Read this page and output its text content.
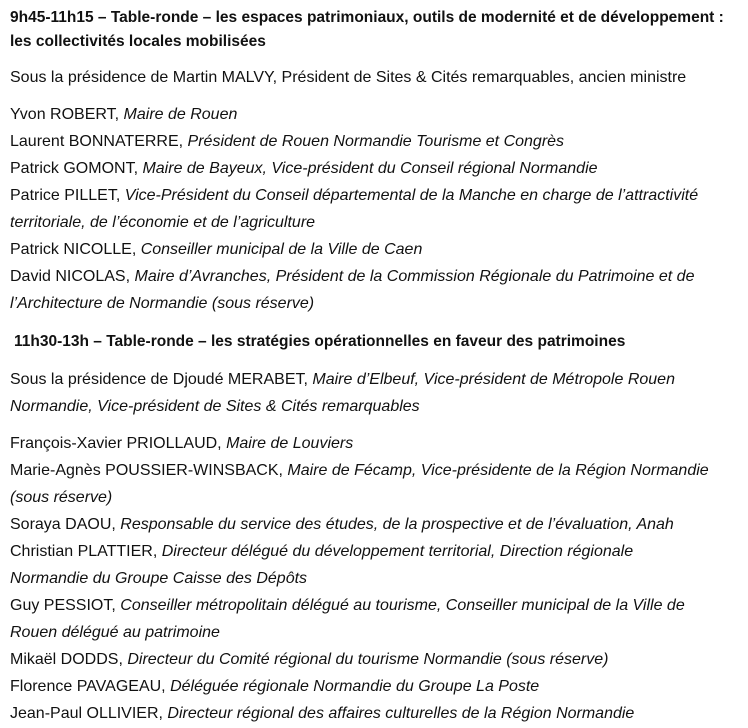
9h45-11h15 – Table-ronde – les espaces patrimoniaux, outils de modernité et de développement :
les collectivités locales mobilisées
Sous la présidence de Martin MALVY, Président de Sites & Cités remarquables, ancien ministre
Yvon ROBERT, Maire de Rouen
Laurent BONNATERRE, Président de Rouen Normandie Tourisme et Congrès
Patrick GOMONT, Maire de Bayeux, Vice-président du Conseil régional Normandie
Patrice PILLET, Vice-Président du Conseil départemental de la Manche en charge de l’attractivité
territoriale, de l’économie et de l’agriculture
Patrick NICOLLE, Conseiller municipal de la Ville de Caen
David NICOLAS, Maire d’Avranches, Président de la Commission Régionale du Patrimoine et de
l’Architecture de Normandie (sous réserve)
11h30-13h – Table-ronde – les stratégies opérationnelles en faveur des patrimoines
Sous la présidence de Djoudé MERABET, Maire d’Elbeuf, Vice-président de Métropole Rouen
Normandie, Vice-président de Sites & Cités remarquables
François-Xavier PRIOLLAUD, Maire de Louviers
Marie-Agnès POUSSIER-WINSBACK, Maire de Fécamp, Vice-présidente de la Région Normandie
(sous réserve)
Soraya DAOU, Responsable du service des études, de la prospective et de l’évaluation, Anah
Christian PLATTIER, Directeur délégué du développement territorial, Direction régionale
Normandie du Groupe Caisse des Dépôts
Guy PESSIOT, Conseiller métropolitain délégué au tourisme, Conseiller municipal de la Ville de
Rouen délégué au patrimoine
Mikaël DODDS, Directeur du Comité régional du tourisme Normandie (sous réserve)
Florence PAVAGEAU, Déléguée régionale Normandie du Groupe La Poste
Jean-Paul OLLIVIER, Directeur régional des affaires culturelles de la Région Normandie
